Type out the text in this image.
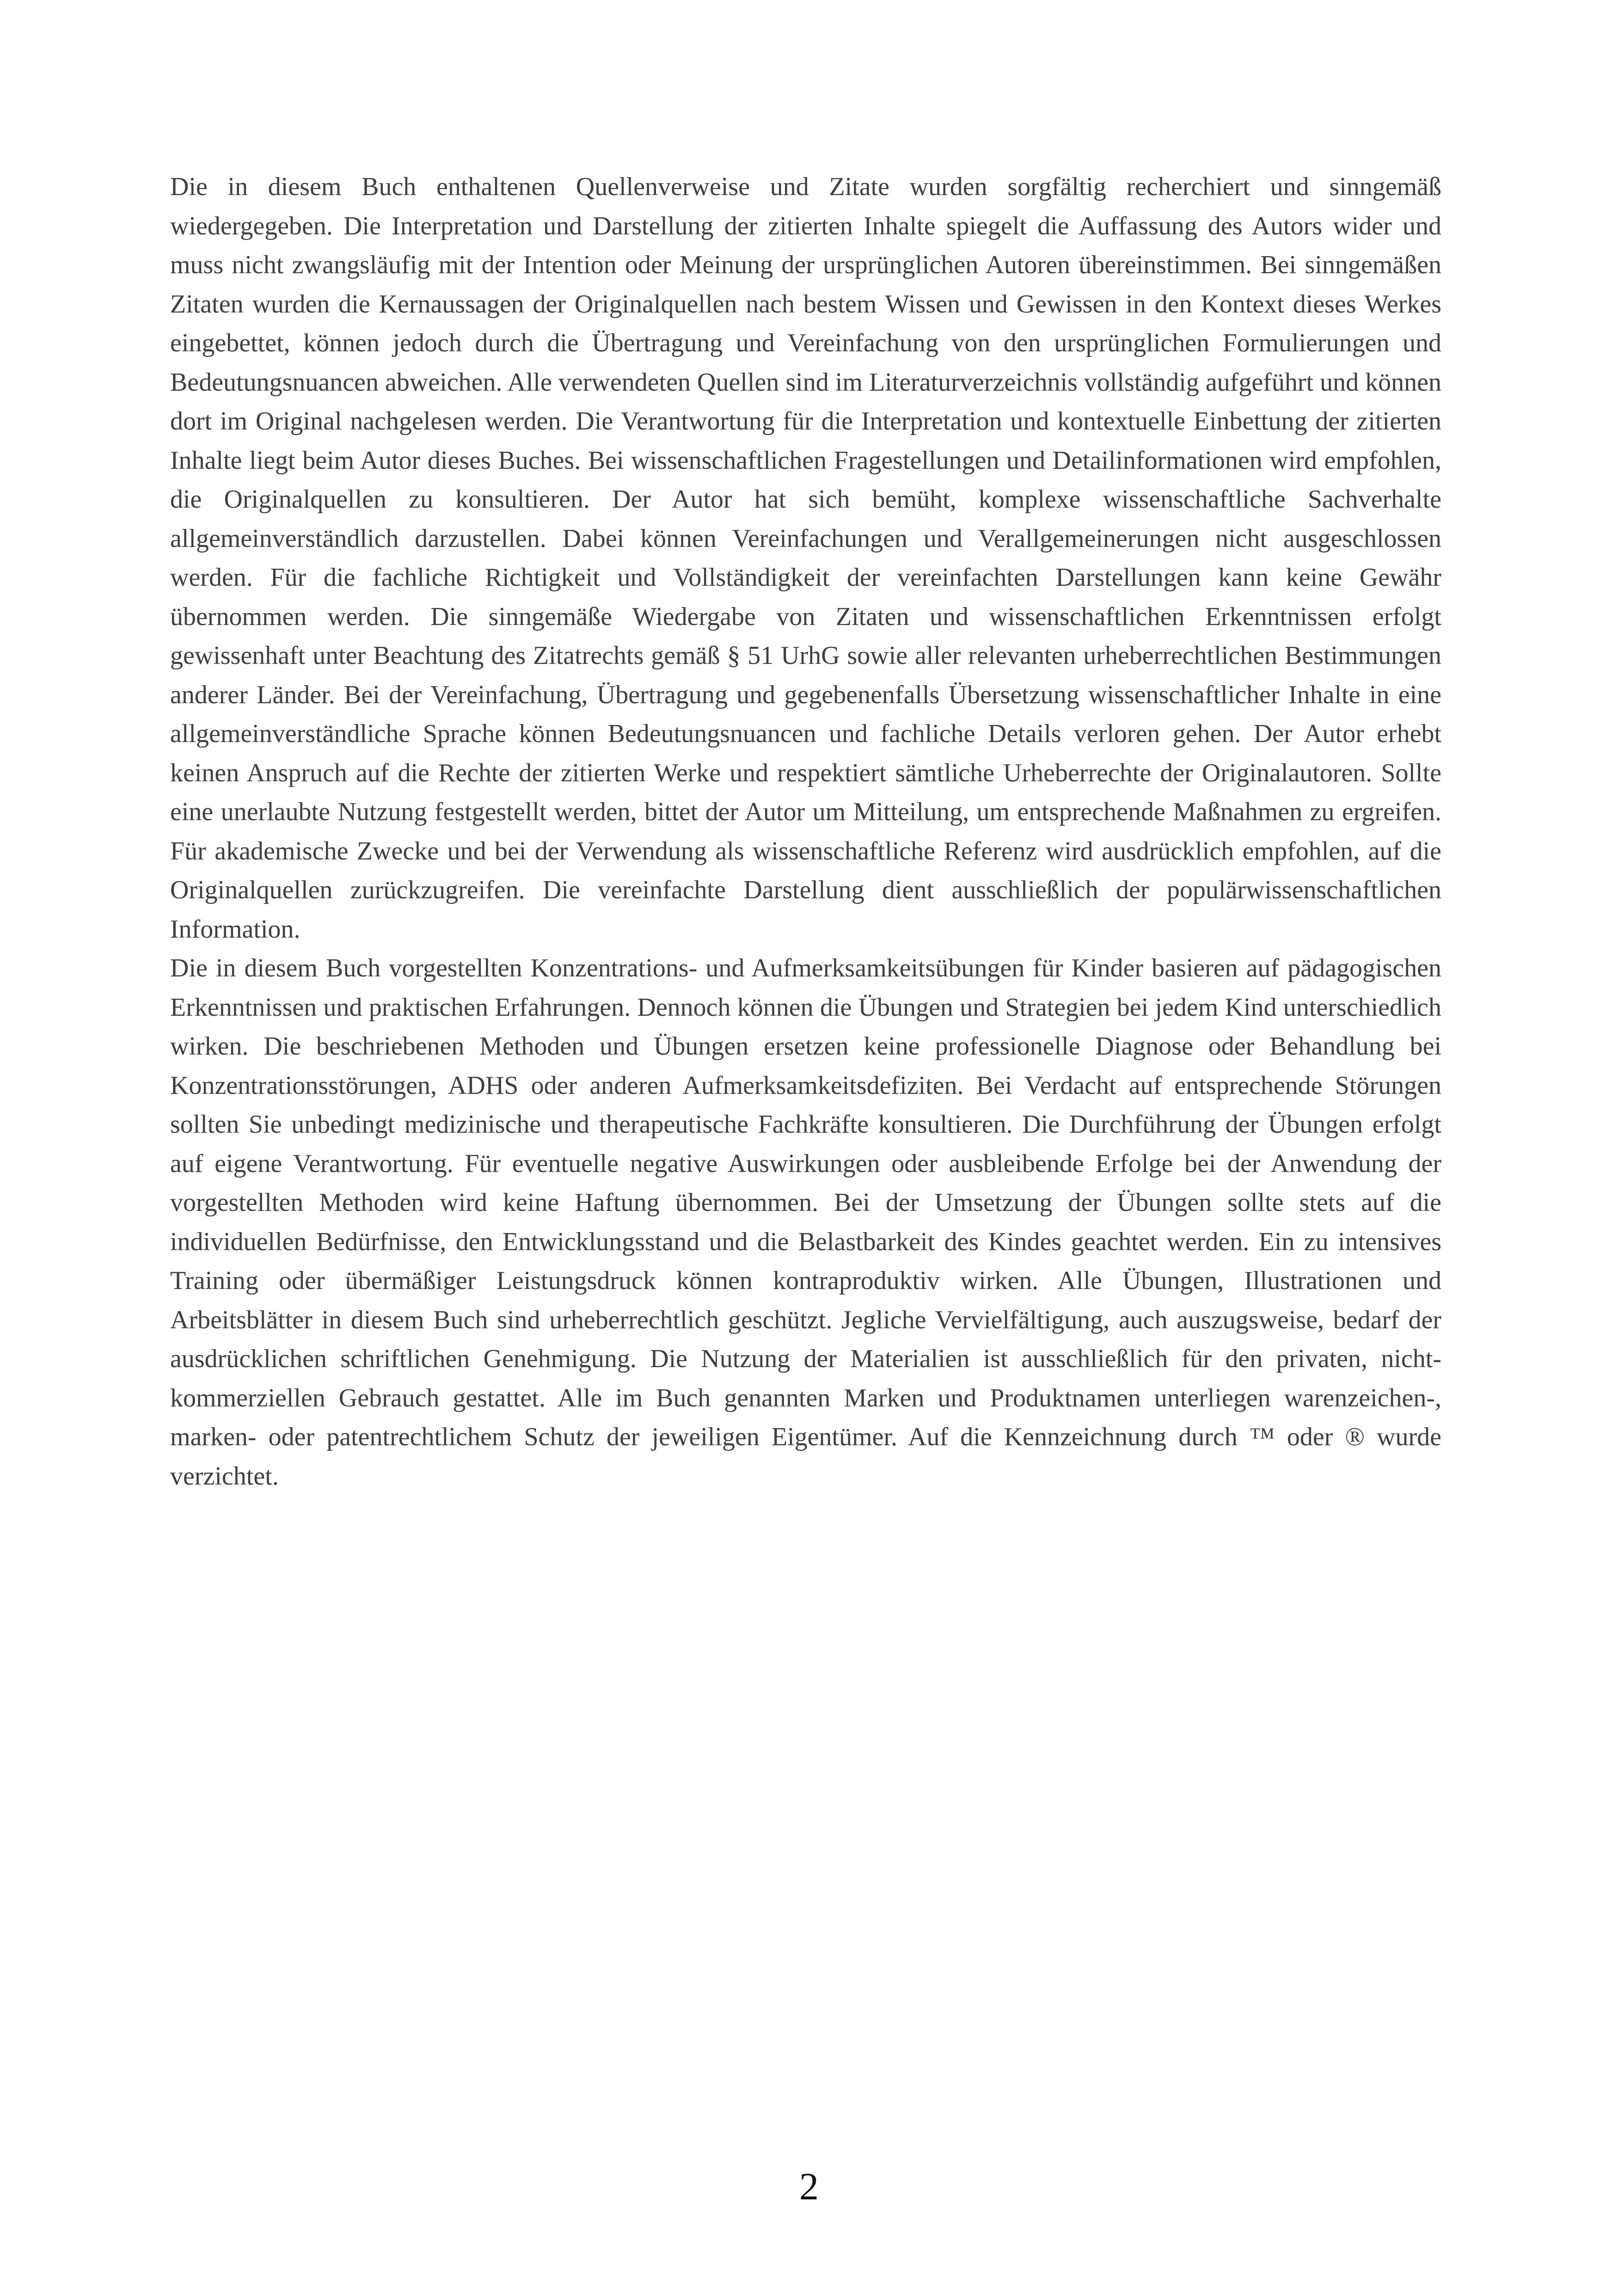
Die in diesem Buch enthaltenen Quellenverweise und Zitate wurden sorgfältig recherchiert und sinngemäß wiedergegeben. Die Interpretation und Darstellung der zitierten Inhalte spiegelt die Auffassung des Autors wider und muss nicht zwangsläufig mit der Intention oder Meinung der ursprünglichen Autoren übereinstimmen. Bei sinngemäßen Zitaten wurden die Kernaussagen der Originalquellen nach bestem Wissen und Gewissen in den Kontext dieses Werkes eingebettet, können jedoch durch die Übertragung und Vereinfachung von den ursprünglichen Formulierungen und Bedeutungsnuancen abweichen. Alle verwendeten Quellen sind im Literaturverzeichnis vollständig aufgeführt und können dort im Original nachgelesen werden. Die Verantwortung für die Interpretation und kontextuelle Einbettung der zitierten Inhalte liegt beim Autor dieses Buches. Bei wissenschaftlichen Fragestellungen und Detailinformationen wird empfohlen, die Originalquellen zu konsultieren. Der Autor hat sich bemüht, komplexe wissenschaftliche Sachverhalte allgemeinverständlich darzustellen. Dabei können Vereinfachungen und Verallgemeinerungen nicht ausgeschlossen werden. Für die fachliche Richtigkeit und Vollständigkeit der vereinfachten Darstellungen kann keine Gewähr übernommen werden. Die sinngemäße Wiedergabe von Zitaten und wissenschaftlichen Erkenntnissen erfolgt gewissenhaft unter Beachtung des Zitatrechts gemäß § 51 UrhG sowie aller relevanten urheberrechtlichen Bestimmungen anderer Länder. Bei der Vereinfachung, Übertragung und gegebenenfalls Übersetzung wissenschaftlicher Inhalte in eine allgemeinverständliche Sprache können Bedeutungsnuancen und fachliche Details verloren gehen. Der Autor erhebt keinen Anspruch auf die Rechte der zitierten Werke und respektiert sämtliche Urheberrechte der Originalautoren. Sollte eine unerlaubte Nutzung festgestellt werden, bittet der Autor um Mitteilung, um entsprechende Maßnahmen zu ergreifen. Für akademische Zwecke und bei der Verwendung als wissenschaftliche Referenz wird ausdrücklich empfohlen, auf die Originalquellen zurückzugreifen. Die vereinfachte Darstellung dient ausschließlich der populärwissenschaftlichen Information.

Die in diesem Buch vorgestellten Konzentrations- und Aufmerksamkeitsübungen für Kinder basieren auf pädagogischen Erkenntnissen und praktischen Erfahrungen. Dennoch können die Übungen und Strategien bei jedem Kind unterschiedlich wirken. Die beschriebenen Methoden und Übungen ersetzen keine professionelle Diagnose oder Behandlung bei Konzentrationsstörungen, ADHS oder anderen Aufmerksamkeitsdefiziten. Bei Verdacht auf entsprechende Störungen sollten Sie unbedingt medizinische und therapeutische Fachkräfte konsultieren. Die Durchführung der Übungen erfolgt auf eigene Verantwortung. Für eventuelle negative Auswirkungen oder ausbleibende Erfolge bei der Anwendung der vorgestellten Methoden wird keine Haftung übernommen. Bei der Umsetzung der Übungen sollte stets auf die individuellen Bedürfnisse, den Entwicklungsstand und die Belastbarkeit des Kindes geachtet werden. Ein zu intensives Training oder übermäßiger Leistungsdruck können kontraproduktiv wirken. Alle Übungen, Illustrationen und Arbeitsblätter in diesem Buch sind urheberrechtlich geschützt. Jegliche Vervielfältigung, auch auszugsweise, bedarf der ausdrücklichen schriftlichen Genehmigung. Die Nutzung der Materialien ist ausschließlich für den privaten, nicht-kommerziellen Gebrauch gestattet. Alle im Buch genannten Marken und Produktnamen unterliegen warenzeichen-, marken- oder patentrechtlichem Schutz der jeweiligen Eigentümer. Auf die Kennzeichnung durch ™ oder ® wurde verzichtet.

2
